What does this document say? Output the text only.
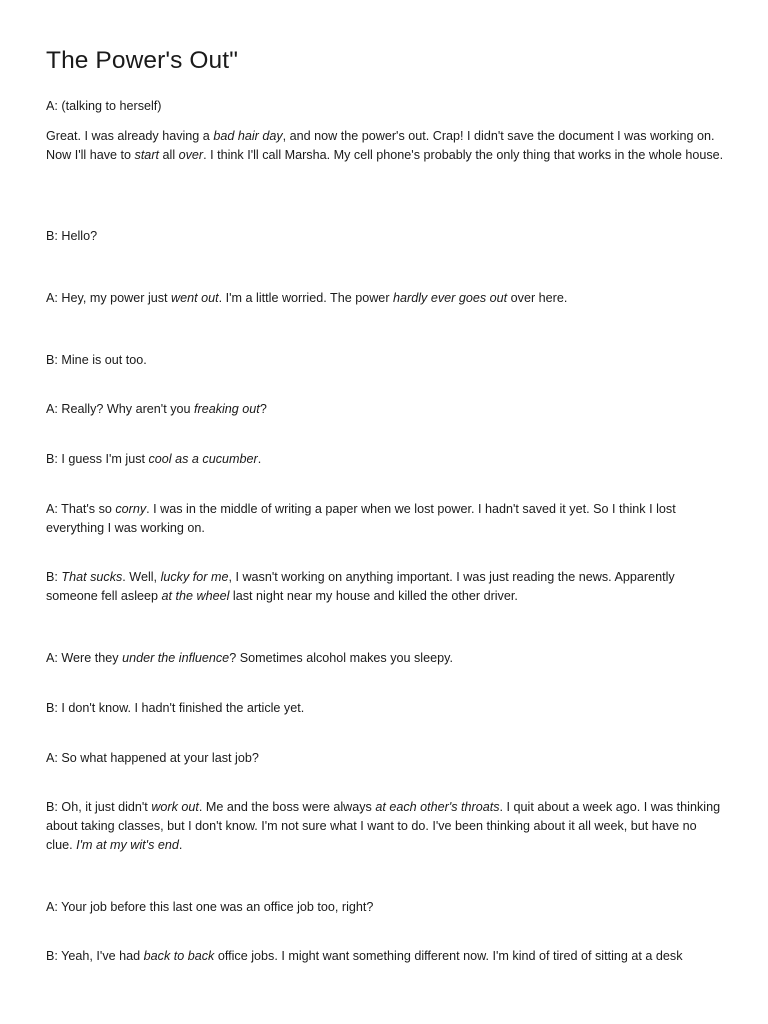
The Power's Out"

A: (talking to herself)

Great. I was already having a bad hair day, and now the power's out. Crap! I didn't save the document I was working on. Now I'll have to start all over. I think I'll call Marsha. My cell phone's probably the only thing that works in the whole house.

B: Hello?

A: Hey, my power just went out. I'm a little worried. The power hardly ever goes out over here.

B: Mine is out too.

A: Really? Why aren't you freaking out?

B: I guess I'm just cool as a cucumber.

A: That's so corny. I was in the middle of writing a paper when we lost power. I hadn't saved it yet. So I think I lost everything I was working on.

B: That sucks. Well, lucky for me, I wasn't working on anything important. I was just reading the news. Apparently someone fell asleep at the wheel last night near my house and killed the other driver.

A: Were they under the influence? Sometimes alcohol makes you sleepy.

B: I don't know. I hadn't finished the article yet.

A: So what happened at your last job?

B: Oh, it just didn't work out. Me and the boss were always at each other's throats. I quit about a week ago. I was thinking about taking classes, but I don't know. I'm not sure what I want to do. I've been thinking about it all week, but have no clue. I'm at my wit's end.

A: Your job before this last one was an office job too, right?

B: Yeah, I've had back to back office jobs. I might want something different now. I'm kind of tired of sitting at a desk
